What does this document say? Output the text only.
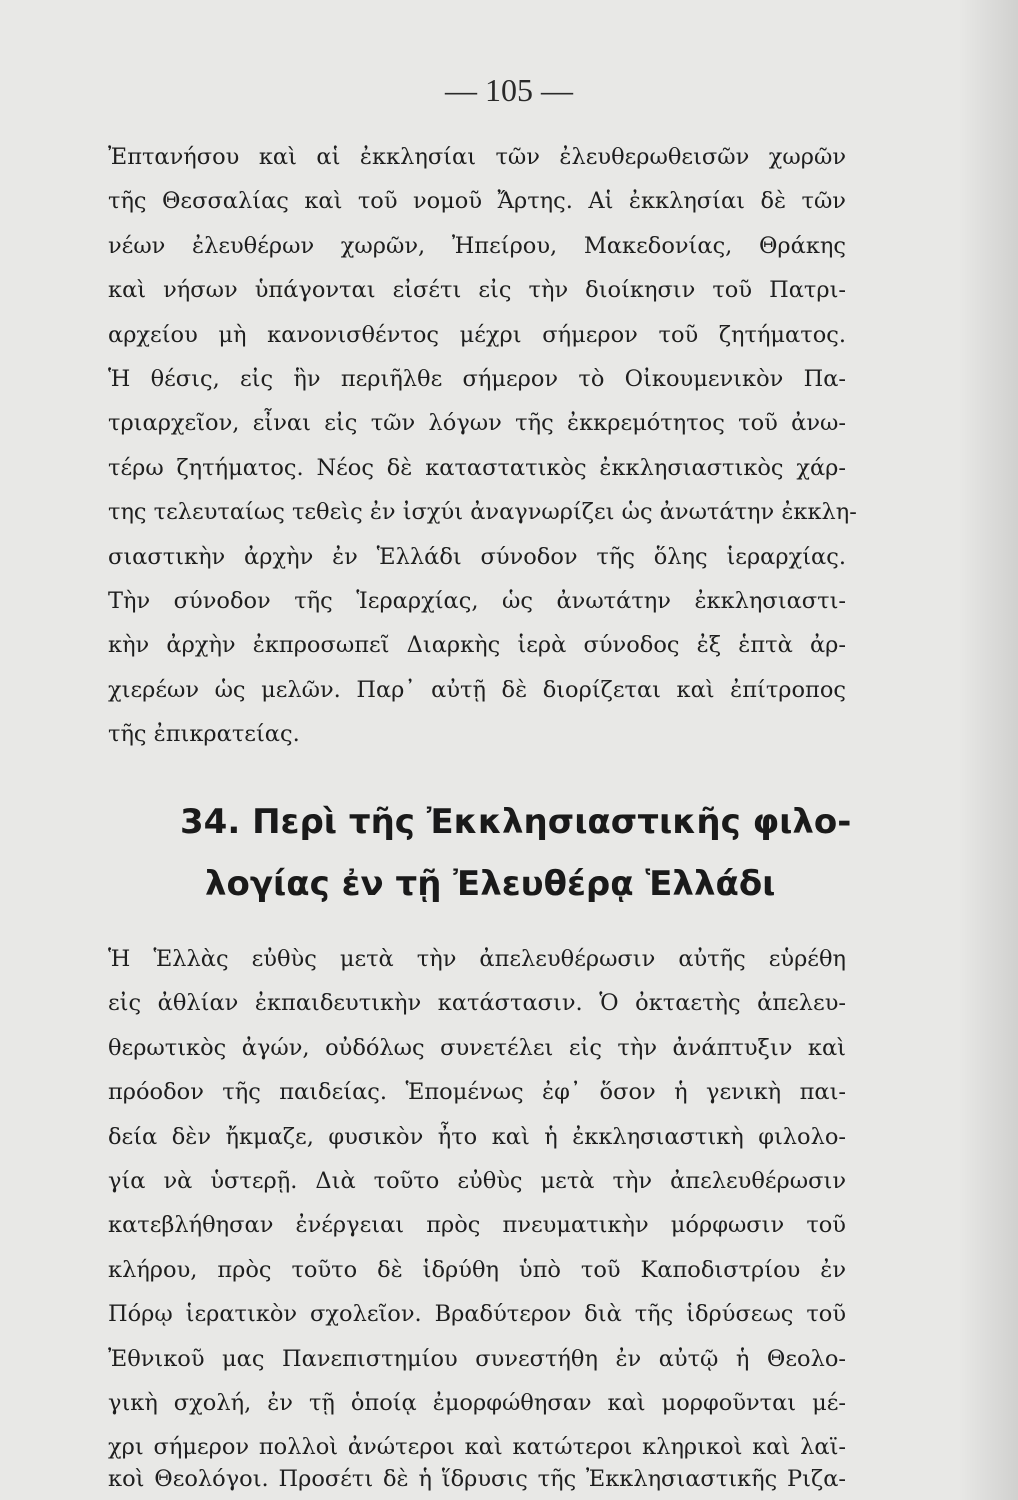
— 105 —
Ἐπτανήσου καὶ αἱ ἐκκλησίαι τῶν ἐλευθερωθεισῶν χωρῶν
τῆς Θεσσαλίας καὶ τοῦ νομοῦ Ἄρτης. Αἱ ἐκκλησίαι δὲ τῶν
νέων ἐλευθέρων χωρῶν, Ἠπείρου, Μακεδονίας, Θράκης
καὶ νήσων ὑπάγονται εἰσέτι εἰς τὴν διοίκησιν τοῦ Πατρι-
αρχείου μὴ κανονισθέντος μέχρι σήμερον τοῦ ζητήματος.
Ἡ θέσις, εἰς ἣν περιῆλθε σήμερον τὸ Οἰκουμενικὸν Πα-
τριαρχεῖον, εἶναι εἰς τῶν λόγων τῆς ἐκκρεμότητος τοῦ ἀνω-
τέρω ζητήματος. Νέος δὲ καταστατικὸς ἐκκλησιαστικὸς χάρ-
της τελευταίως τεθεὶς ἐν ἰσχύι ἀναγνωρίζει ὡς ἀνωτάτην ἐκκλη-
σιαστικὴν ἀρχὴν ἐν Ἑλλάδι σύνοδον τῆς ὅλης ἱεραρχίας.
Τὴν σύνοδον τῆς Ἱεραρχίας, ὡς ἀνωτάτην ἐκκλησιαστι-
κὴν ἀρχὴν ἐκπροσωπεῖ Διαρκὴς ἱερὰ σύνοδος ἐξ ἑπτὰ ἀρ-
χιερέων ὡς μελῶν. Παρ᾿ αὐτῇ δὲ διορίζεται καὶ ἐπίτροπος
τῆς ἐπικρατείας.
34. Περὶ τῆς Ἐκκλησιαστικῆς φιλο-
λογίας ἐν τῇ Ἐλευθέρᾳ Ἑλλάδι
Ἡ Ἑλλὰς εὐθὺς μετὰ τὴν ἀπελευθέρωσιν αὐτῆς εὑρέθη
εἰς ἀθλίαν ἐκπαιδευτικὴν κατάστασιν. Ὁ ὀκταετὴς ἀπελευ-
θερωτικὸς ἀγών, οὐδόλως συνετέλει εἰς τὴν ἀνάπτυξιν καὶ
πρόοδον τῆς παιδείας. Ἑπομένως ἐφ᾿ ὅσον ἡ γενικὴ παι-
δεία δὲν ἤκμαζε, φυσικὸν ἦτο καὶ ἡ ἐκκλησιαστικὴ φιλολο-
γία νὰ ὑστερῇ. Διὰ τοῦτο εὐθὺς μετὰ τὴν ἀπελευθέρωσιν
κατεβλήθησαν ἐνέργειαι πρὸς πνευματικὴν μόρφωσιν τοῦ
κλήρου, πρὸς τοῦτο δὲ ἱδρύθη ὑπὸ τοῦ Καποδιστρίου ἐν
Πόρῳ ἱερατικὸν σχολεῖον. Βραδύτερον διὰ τῆς ἱδρύσεως τοῦ
Ἐθνικοῦ μας Πανεπιστημίου συνεστήθη ἐν αὐτῷ ἡ Θεολο-
γικὴ σχολή, ἐν τῇ ὁποίᾳ ἐμορφώθησαν καὶ μορφοῦνται μέ-
χρι σήμερον πολλοὶ ἀνώτεροι καὶ κατώτεροι κληρικοὶ καὶ λαϊ-
κοὶ Θεολόγοι. Προσέτι δὲ ἡ ἵδρυσις τῆς Ἐκκλησιαστικῆς Ριζα-
